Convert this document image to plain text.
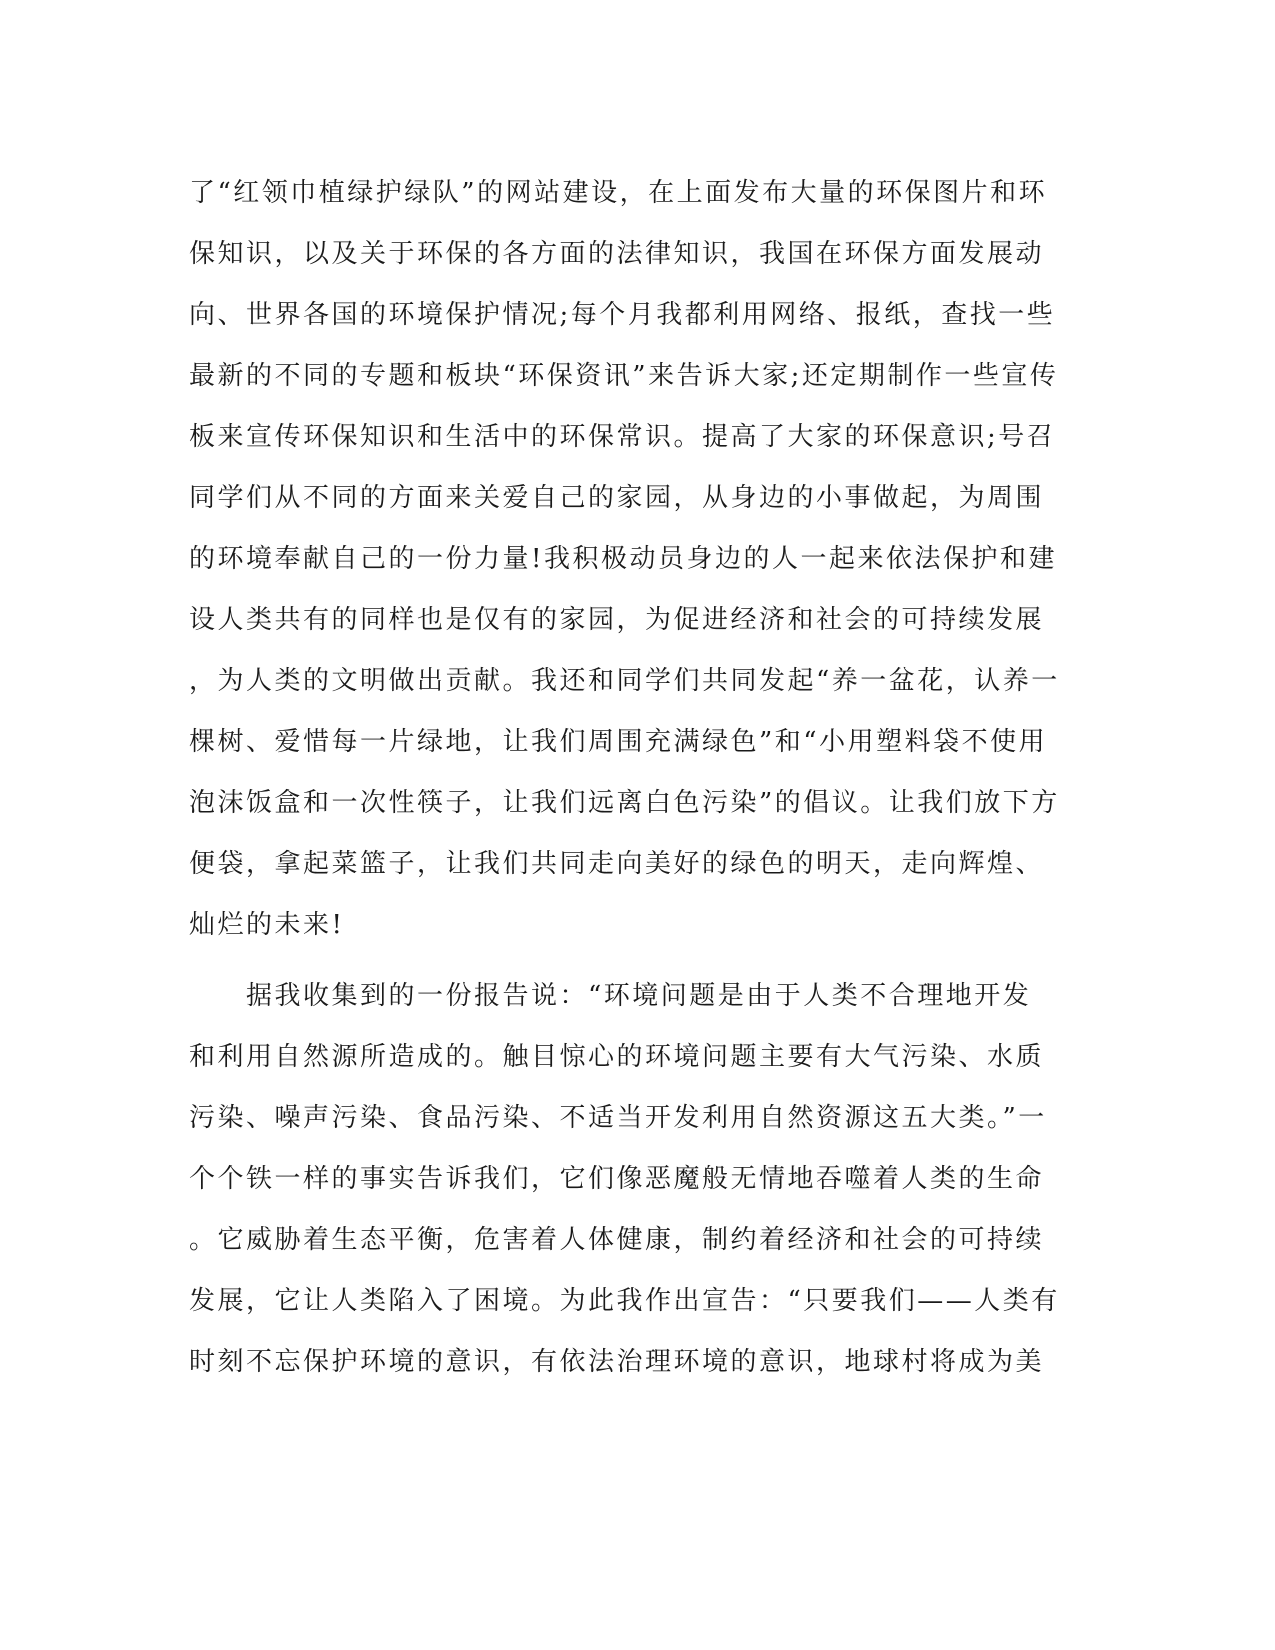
了“红领巾植绿护绿队”的网站建设，在上面发布大量的环保图片和环
保知识，以及关于环保的各方面的法律知识，我国在环保方面发展动
向、世界各国的环境保护情况;每个月我都利用网络、报纸，查找一些
最新的不同的专题和板块“环保资讯”来告诉大家;还定期制作一些宣传
板来宣传环保知识和生活中的环保常识。提高了大家的环保意识;号召
同学们从不同的方面来关爱自己的家园，从身边的小事做起，为周围
的环境奉献自己的一份力量!我积极动员身边的人一起来依法保护和建
设人类共有的同样也是仅有的家园，为促进经济和社会的可持续发展
，为人类的文明做出贡献。我还和同学们共同发起“养一盆花，认养一
棵树、爱惜每一片绿地，让我们周围充满绿色”和“小用塑料袋不使用
泡沫饭盒和一次性筷子，让我们远离白色污染”的倡议。让我们放下方
便袋，拿起菜篮子，让我们共同走向美好的绿色的明天，走向辉煌、
灿烂的未来!
据我收集到的一份报告说：“环境问题是由于人类不合理地开发
和利用自然源所造成的。触目惊心的环境问题主要有大气污染、水质
污染、噪声污染、食品污染、不适当开发利用自然资源这五大类。”一
个个铁一样的事实告诉我们，它们像恶魔般无情地吞噬着人类的生命
。它威胁着生态平衡，危害着人体健康，制约着经济和社会的可持续
发展，它让人类陷入了困境。为此我作出宣告：“只要我们——人类有
时刻不忘保护环境的意识，有依法治理环境的意识，地球村将成为美
